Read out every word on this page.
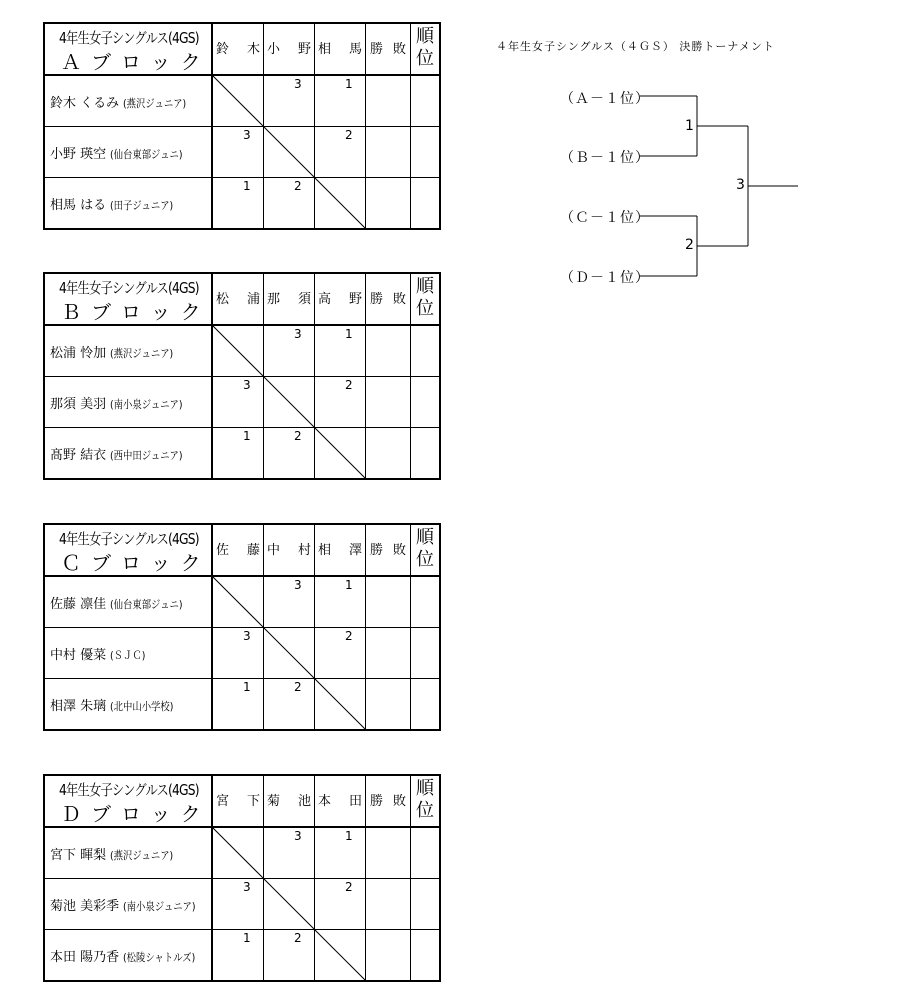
4年生女子シングルス(4GS)
Ａブロック	鈴　木	小　野	相　馬	勝敗	順
位

鈴木 くるみ (燕沢ジュニア)		3	1		

小野 瑛空 (仙台東部ジュニ)	3		2		

相馬 はる (田子ジュニア)	1	2

4年生女子シングルス(4GS)
Ｂブロック	松　浦	那　須	高　野	勝敗	順
位

松浦 怜加 (燕沢ジュニア)		3	1		

那須 美羽 (南小泉ジュニア)	3		2		

髙野 結衣 (西中田ジュニア)	1	2

4年生女子シングルス(4GS)
Ｃブロック	佐　藤	中　村	相　澤	勝敗	順
位

佐藤 凛佳 (仙台東部ジュニ)		3	1		

中村 優菜 (ＳＪＣ)	3		2		

相澤 朱璃 (北中山小学校)	1	2

4年生女子シングルス(4GS)
Ｄブロック	宮　下	菊　池	本　田	勝敗	順
位

宮下 暉梨 (燕沢ジュニア)		3	1		

菊池 美彩季 (南小泉ジュニア)	3		2		

本田 陽乃香 (松陵シャトルズ)	1	2

４年生女子シングルス（４ＧＳ） 決勝トーナメント
（Ａ－１位）
（Ｂ－１位）
（Ｃ－１位）
（Ｄ－１位）
1
2
3
